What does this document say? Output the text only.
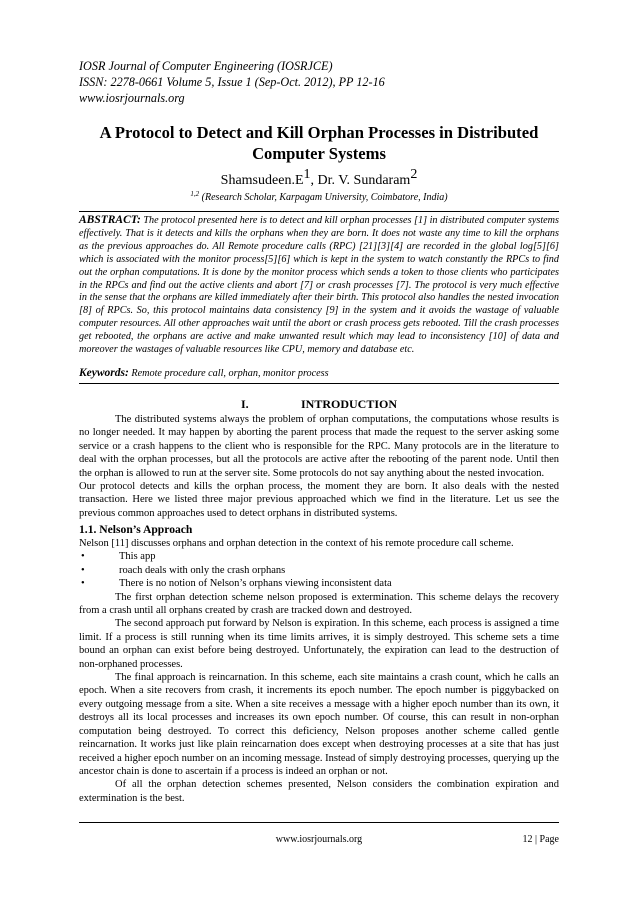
IOSR Journal of Computer Engineering (IOSRJCE)
ISSN: 2278-0661 Volume 5, Issue 1 (Sep-Oct. 2012), PP 12-16
www.iosrjournals.org
A Protocol to Detect and Kill Orphan Processes in Distributed
Computer Systems
$Shamsudeen.E^1$, Dr. V. Sundaram$^2$
$^{1,2}$ (Research Scholar, Karpagam University, Coimbatore, India)
ABSTRACT: The protocol presented here is to detect and kill orphan processes [1] in distributed computer systems effectively. That is it detects and kills the orphans when they are born. It does not waste any time to kill the orphans as the previous approaches do. All Remote procedure calls (RPC) [21][3][4] are recorded in the global log[5][6] which is associated with the monitor process[5][6] which is kept in the system to watch constantly the RPCs to find out the orphan computations. It is done by the monitor process which sends a token to those clients who participates in the RPCs and find out the active clients and abort [7] or crash processes [7]. The protocol is very much effective in the sense that the orphans are killed immediately after their birth. This protocol also handles the nested invocation [8] of RPCs. So, this protocol maintains data consistency [9] in the system and it avoids the wastage of valuable computer resources. All other approaches wait until the abort or crash process gets rebooted. Till the crash processes get rebooted, the orphans are active and make unwanted result which may lead to inconsistency [10] of data and moreover the wastages of valuable resources like CPU, memory and database etc.
Keywords: Remote procedure call, orphan, monitor process
I.	INTRODUCTION

The distributed systems always the problem of orphan computations, the computations whose results is no longer needed. It may happen by aborting the parent process that made the request to the server asking some service or a crash happens to the client who is responsible for the RPC. Many protocols are in the literature to deal with the orphan processes, but all the protocols are active after the rebooting of the parent node. Until then the orphan is allowed to run at the server site. Some protocols do not say anything about the nested invocation.

Our protocol detects and kills the orphan process, the moment they are born. It also deals with the nested transaction. Here we listed three major previous approached which we find in the literature. Let us see the previous common approaches used to detect orphans in distributed systems.

1.1. Nelson’s Approach

Nelson [11] discusses orphans and orphan detection in the context of his remote procedure call scheme.

•	This app
•	roach deals with only the crash orphans
•	There is no notion of Nelson’s orphans viewing inconsistent data

The first orphan detection scheme nelson proposed is extermination. This scheme delays the recovery from a crash until all orphans created by crash are tracked down and destroyed.

The second approach put forward by Nelson is expiration. In this scheme, each process is assigned a time limit. If a process is still running when its time limits arrives, it is simply destroyed. This scheme sets a time bound an orphan can exist before being destroyed. Unfortunately, the expiration can lead to the destruction of non-orphaned processes.

The final approach is reincarnation. In this scheme, each site maintains a crash count, which he calls an epoch. When a site recovers from crash, it increments its epoch number. The epoch number is piggybacked on every outgoing message from a site. When a site receives a message with a higher epoch number than its own, it destroys all its local processes and increases its own epoch number. Of course, this can result in non-orphan computation being destroyed. To correct this deficiency, Nelson proposes another scheme called gentle reincarnation. It works just like plain reincarnation does except when destroying processes at a site that has just received a higher epoch number on an incoming message. Instead of simply destroying processes, querying up the ancestor chain is done to ascertain if a process is indeed an orphan or not.

Of all the orphan detection schemes presented, Nelson considers the combination expiration and extermination is the best.

www.iosrjournals.org	12 | Page
